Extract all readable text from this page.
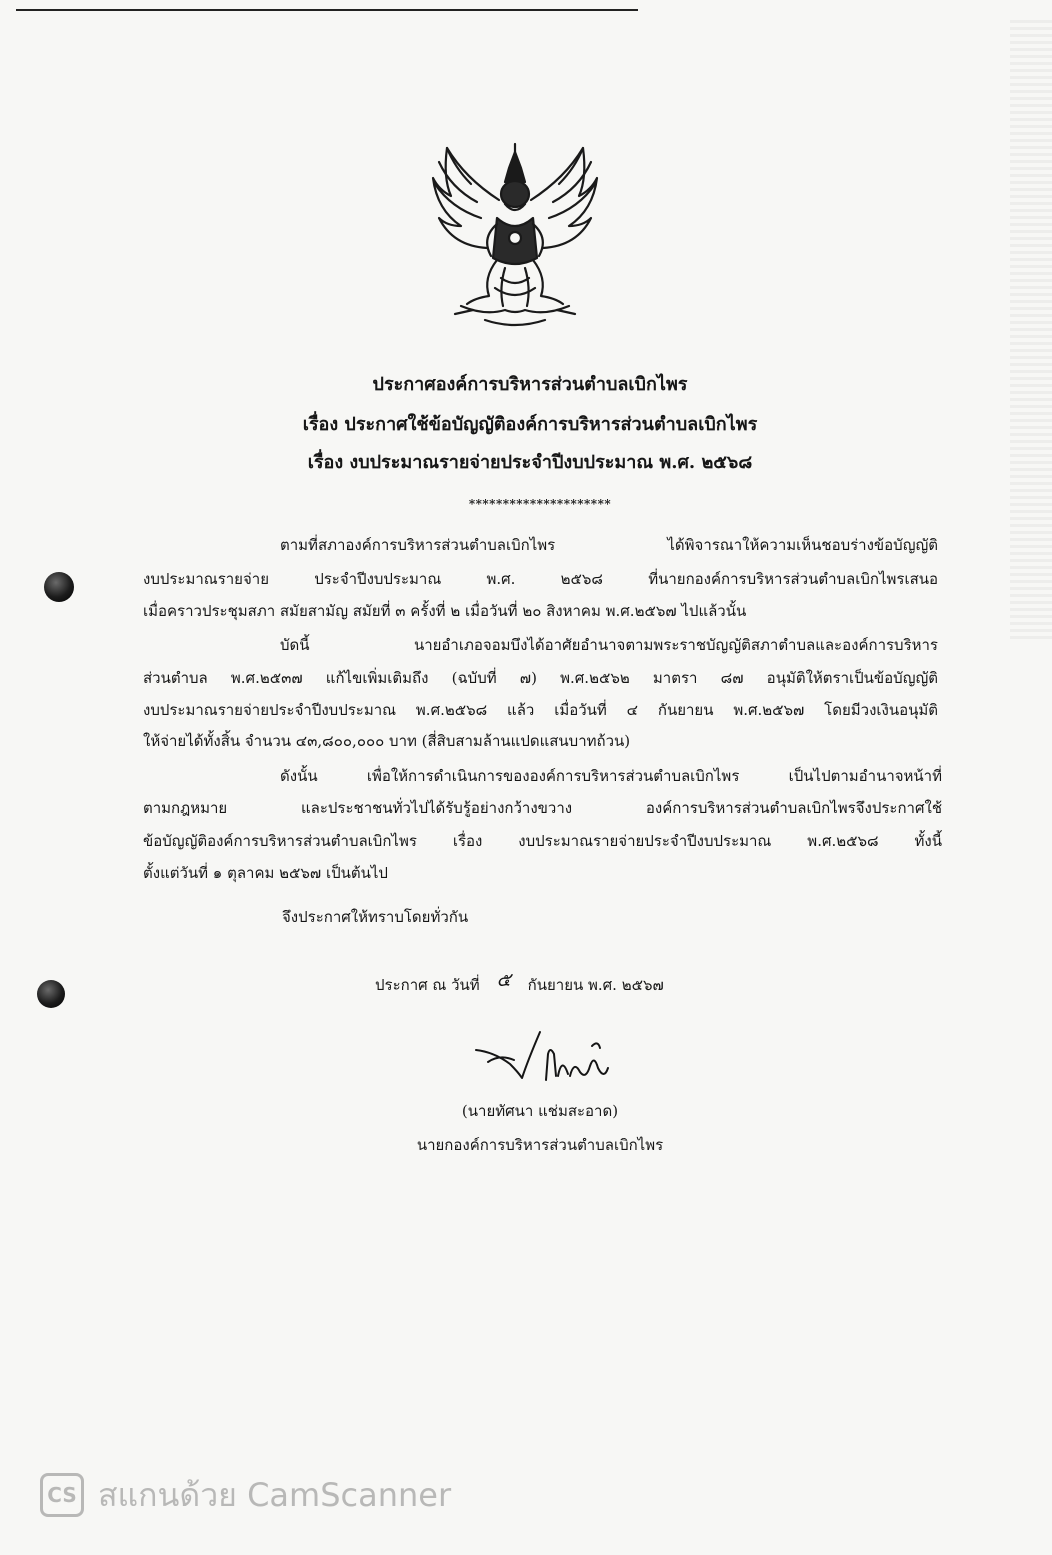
ประกาศองค์การบริหารส่วนตำบลเบิกไพร
เรื่อง ประกาศใช้ข้อบัญญัติองค์การบริหารส่วนตำบลเบิกไพร
เรื่อง งบประมาณรายจ่ายประจำปีงบประมาณ พ.ศ. ๒๕๖๘
*********************
ตามที่สภาองค์การบริหารส่วนตำบลเบิกไพร ได้พิจารณาให้ความเห็นชอบร่างข้อบัญญัติ
งบประมาณรายจ่าย ประจำปีงบประมาณ พ.ศ. ๒๕๖๘ ที่นายกองค์การบริหารส่วนตำบลเบิกไพรเสนอ
เมื่อคราวประชุมสภา สมัยสามัญ สมัยที่ ๓ ครั้งที่ ๒ เมื่อวันที่ ๒๐ สิงหาคม พ.ศ.๒๕๖๗ ไปแล้วนั้น
บัดนี้ นายอำเภอจอมบึงได้อาศัยอำนาจตามพระราชบัญญัติสภาตำบลและองค์การบริหาร
ส่วนตำบล พ.ศ.๒๕๓๗ แก้ไขเพิ่มเติมถึง (ฉบับที่ ๗) พ.ศ.๒๕๖๒ มาตรา ๘๗ อนุมัติให้ตราเป็นข้อบัญญัติ
งบประมาณรายจ่ายประจำปีงบประมาณ พ.ศ.๒๕๖๘ แล้ว เมื่อวันที่ ๔ กันยายน พ.ศ.๒๕๖๗ โดยมีวงเงินอนุมัติ
ให้จ่ายได้ทั้งสิ้น จำนวน ๔๓,๘๐๐,๐๐๐ บาท (สี่สิบสามล้านแปดแสนบาทถ้วน)
ดังนั้น เพื่อให้การดำเนินการขององค์การบริหารส่วนตำบลเบิกไพร เป็นไปตามอำนาจหน้าที่
ตามกฎหมาย และประชาชนทั่วไปได้รับรู้อย่างกว้างขวาง องค์การบริหารส่วนตำบลเบิกไพรจึงประกาศใช้
ข้อบัญญัติองค์การบริหารส่วนตำบลเบิกไพร เรื่อง งบประมาณรายจ่ายประจำปีงบประมาณ พ.ศ.๒๕๖๘ ทั้งนี้
ตั้งแต่วันที่ ๑ ตุลาคม ๒๕๖๗ เป็นต้นไป
จึงประกาศให้ทราบโดยทั่วกัน
ประกาศ ณ วันที่ ๕ กันยายน พ.ศ. ๒๕๖๗
(นายทัศนา แช่มสะอาด)
นายกองค์การบริหารส่วนตำบลเบิกไพร
CS สแกนด้วย CamScanner
